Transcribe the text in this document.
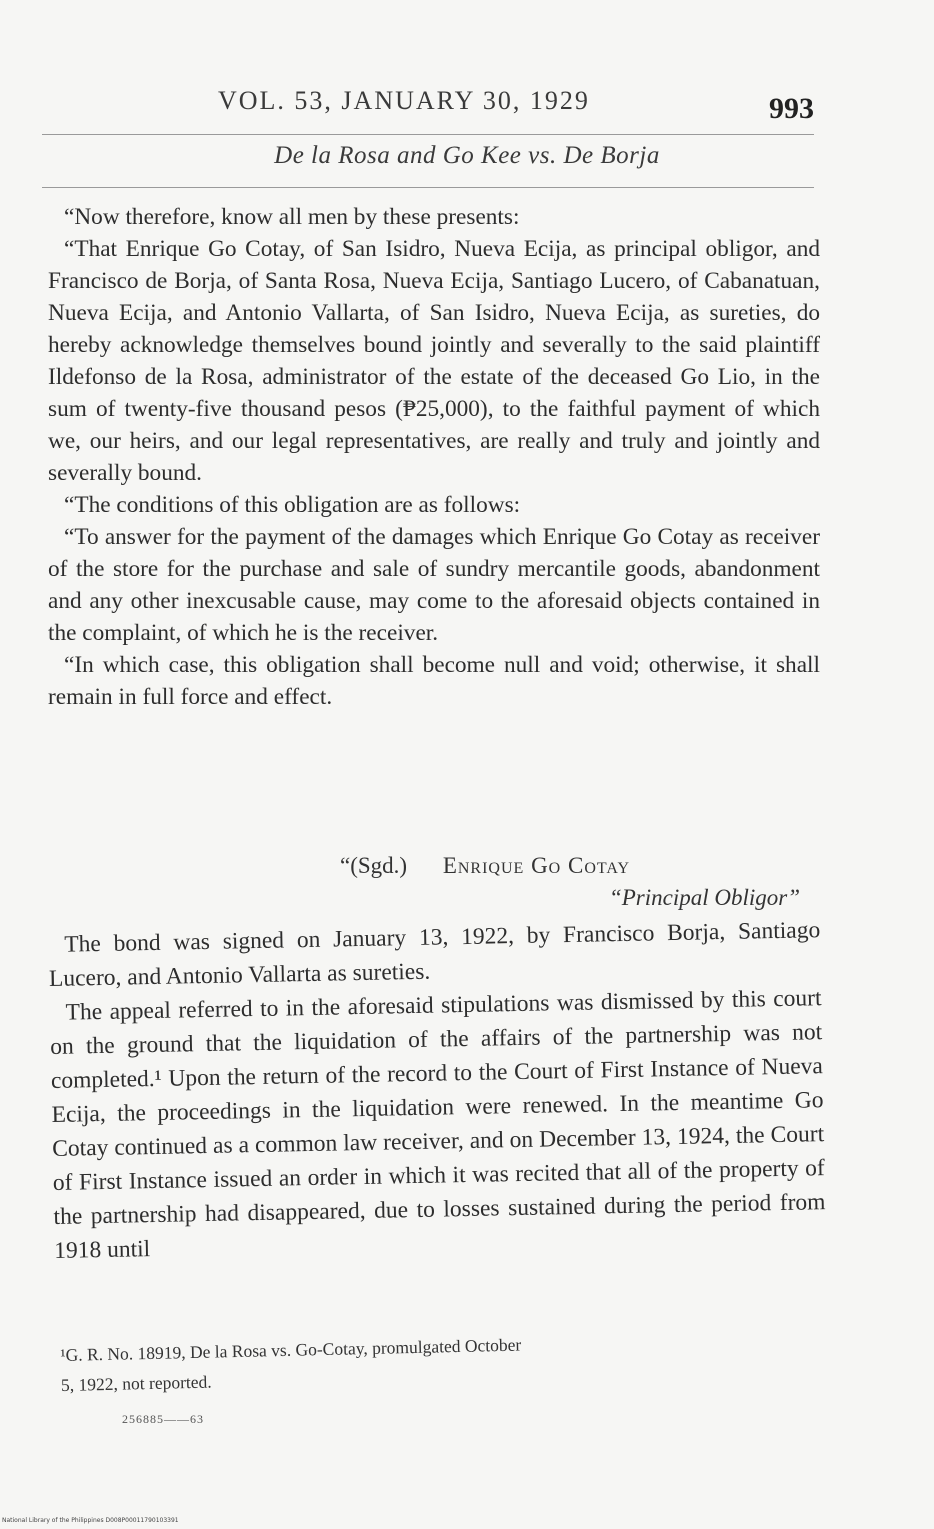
VOL. 53, JANUARY 30, 1929	993
De la Rosa and Go Kee vs. De Borja

“Now therefore, know all men by these presents:

“That Enrique Go Cotay, of San Isidro, Nueva Ecija, as principal obligor, and Francisco de Borja, of Santa Rosa, Nueva Ecija, Santiago Lucero, of Cabanatuan, Nueva Ecija, and Antonio Vallarta, of San Isidro, Nueva Ecija, as sureties, do hereby acknowledge themselves bound jointly and severally to the said plaintiff Ildefonso de la Rosa, administrator of the estate of the deceased Go Lio, in the sum of twenty-five thousand pesos (₱25,000), to the faithful payment of which we, our heirs, and our legal representatives, are really and truly and jointly and severally bound.

“The conditions of this obligation are as follows:

“To answer for the payment of the damages which Enrique Go Cotay as receiver of the store for the purchase and sale of sundry mercantile goods, abandonment and any other inexcusable cause, may come to the aforesaid objects contained in the complaint, of which he is the receiver.

“In which case, this obligation shall become null and void; otherwise, it shall remain in full force and effect.

“(Sgd.) Enrique Go Cotay
“Principal Obligor”

The bond was signed on January 13, 1922, by Francisco Borja, Santiago Lucero, and Antonio Vallarta as sureties.

The appeal referred to in the aforesaid stipulations was dismissed by this court on the ground that the liquidation of the affairs of the partnership was not completed.¹ Upon the return of the record to the Court of First Instance of Nueva Ecija, the proceedings in the liquidation were renewed. In the meantime Go Cotay continued as a common law receiver, and on December 13, 1924, the Court of First Instance issued an order in which it was recited that all of the property of the partnership had disappeared, due to losses sustained during the period from 1918 until

¹G. R. No. 18919, De la Rosa vs. Go-Cotay, promulgated October

5, 1922, not reported.

256885——63
National Library of the Philippines D008P00011790103391
